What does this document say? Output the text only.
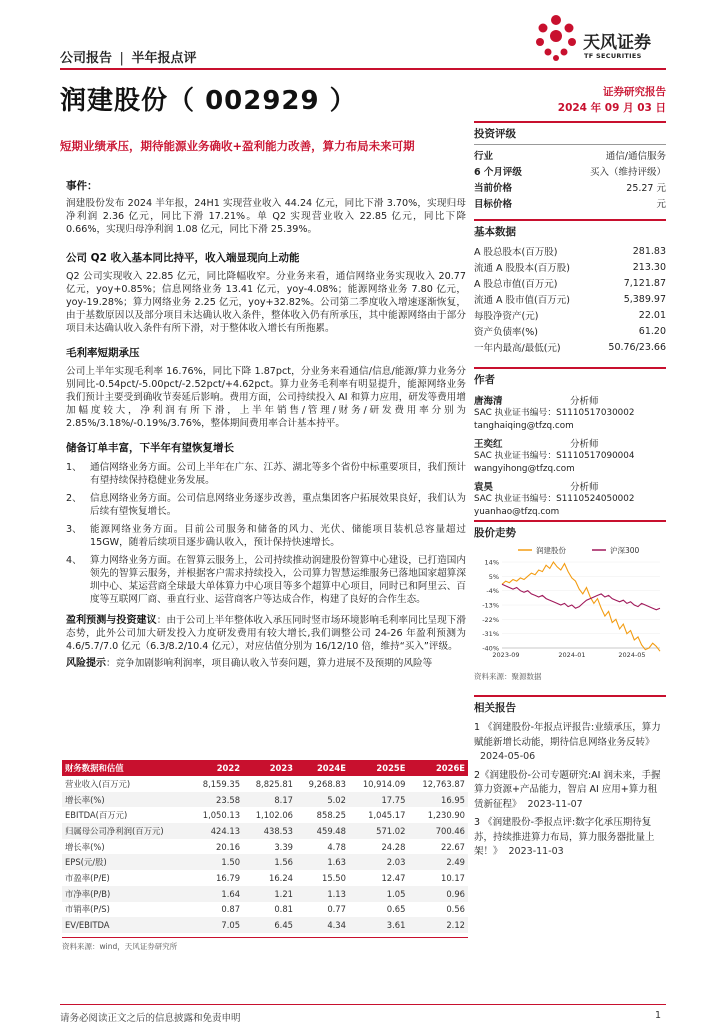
公司报告 | 半年报点评
天风证券
TF SECURITIES
润建股份（ 002929 ）	证券研究报告
2024 年 09 月 03 日
短期业绩承压，期待能源业务确收+盈利能力改善，算力布局未来可期
事件：
润建股份发布 2024 半年报，24H1 实现营业收入 44.24 亿元，同比下滑 3.70%，实现归母净利润 2.36 亿元，同比下滑 17.21%。单 Q2 实现营业收入 22.85 亿元，同比下降 0.66%，实现归母净利润 1.08 亿元，同比下滑 25.39%。
公司 Q2 收入基本同比持平，收入端显现向上动能
Q2 公司实现收入 22.85 亿元，同比降幅收窄。分业务来看，通信网络业务实现收入 20.77 亿元，yoy+0.85%；信息网络业务 13.41 亿元，yoy-4.08%；能源网络业务 7.80 亿元，yoy-19.28%；算力网络业务 2.25 亿元，yoy+32.82%。公司第二季度收入增速逐渐恢复，由于基数原因以及部分项目未达确认收入条件，整体收入仍有所承压，其中能源网络由于部分项目未达确认收入条件有所下滑，对于整体收入增长有所拖累。
毛利率短期承压
公司上半年实现毛利率 16.76%，同比下降 1.87pct，分业务来看通信/信息/能源/算力业务分别同比-0.54pct/-5.00pct/-2.52pct/+4.62pct。算力业务毛利率有明显提升，能源网络业务我们预计主要受到确收节奏延后影响。费用方面，公司持续投入 AI 和算力应用，研发等费用增加幅度较大，净利润有所下滑，上半年销售/管理/财务/研发费用率分别为 2.85%/3.18%/-0.19%/3.76%，整体期间费用率合计基本持平。
储备订单丰富，下半年有望恢复增长
1、 通信网络业务方面。公司上半年在广东、江苏、湖北等多个省份中标重要项目，我们预计有望持续保持稳健业务发展。
2、 信息网络业务方面。公司信息网络业务逐步改善，重点集团客户拓展效果良好，我们认为后续有望恢复增长。
3、 能源网络业务方面。目前公司服务和储备的风力、光伏、储能项目装机总容量超过 15GW，随着后续项目逐步确认收入，预计保持快速增长。
4、 算力网络业务方面。在智算云服务上，公司持续推动润建股份智算中心建设，已打造国内领先的智算云服务，并根据客户需求持续投入，公司算力智慧运维服务已落地国家超算深圳中心、某运营商全球最大单体算力中心项目等多个超算中心项目，同时已和阿里云、百度等互联网厂商、垂直行业、运营商客户等达成合作，构建了良好的合作生态。
盈利预测与投资建议：由于公司上半年整体收入承压同时竖市场环境影响毛利率同比呈现下滑态势，此外公司加大研发投入力度研发费用有较大增长,我们调整公司 24-26 年盈利预测为 4.6/5.7/7.0 亿元（6.3/8.2/10.4 亿元），对应估值分别为 16/12/10 倍，维持“买入”评级。
风险提示：竞争加剧影响利润率，项目确认收入节奏问题，算力进展不及预期的风险等
财务数据和估值	2022	2023	2024E	2025E	2026E
营业收入(百万元)	8,159.35	8,825.81	9,268.83	10,914.09	12,763.87
增长率(%)	23.58	8.17	5.02	17.75	16.95
EBITDA(百万元)	1,050.13	1,102.06	858.25	1,045.17	1,230.90
归属母公司净利润(百万元)	424.13	438.53	459.48	571.02	700.46
增长率(%)	20.16	3.39	4.78	24.28	22.67
EPS(元/股)	1.50	1.56	1.63	2.03	2.49
市盈率(P/E)	16.79	16.24	15.50	12.47	10.17
市净率(P/B)	1.64	1.21	1.13	1.05	0.96
市销率(P/S)	0.87	0.81	0.77	0.65	0.56
EV/EBITDA	7.05	6.45	4.34	3.61	2.12
资料来源：wind，天风证券研究所
投资评级
行业	通信/通信服务
6 个月评级	买入（维持评级）
当前价格	25.27 元
目标价格	元
基本数据
A 股总股本(百万股)	281.83
流通 A 股股本(百万股)	213.30
A 股总市值(百万元)	7,121.87
流通 A 股市值(百万元)	5,389.97
每股净资产(元)	22.01
资产负债率(%)	61.20
一年内最高/最低(元)	50.76/23.66
作者
唐海清	分析师
SAC 执业证书编号：S1110517030002
tanghaiqing@tfzq.com
王奕红	分析师
SAC 执业证书编号：S1110517090004
wangyihong@tfzq.com
袁昊	分析师
SAC 执业证书编号：S1110524050002
yuanhao@tfzq.com
股价走势
润建股份	沪深300
14%
5%
-4%
-13%
-22%
-31%
-40%
2023-09	2024-01	2024-05
资料来源：聚源数据
相关报告
1 《润建股份-年报点评报告:业绩承压，算力赋能新增长动能，期待信息网络业务反转》2024-05-06
2《润建股份-公司专题研究:AI 润未来，手握算力资源+产品能力，智启 AI 应用+算力租赁新征程》 2023-11-07
3 《润建股份-季报点评:数字化承压期待复苏，持续推进算力布局，算力服务器批量上架！》 2023-11-03
请务必阅读正文之后的信息披露和免责申明	1
